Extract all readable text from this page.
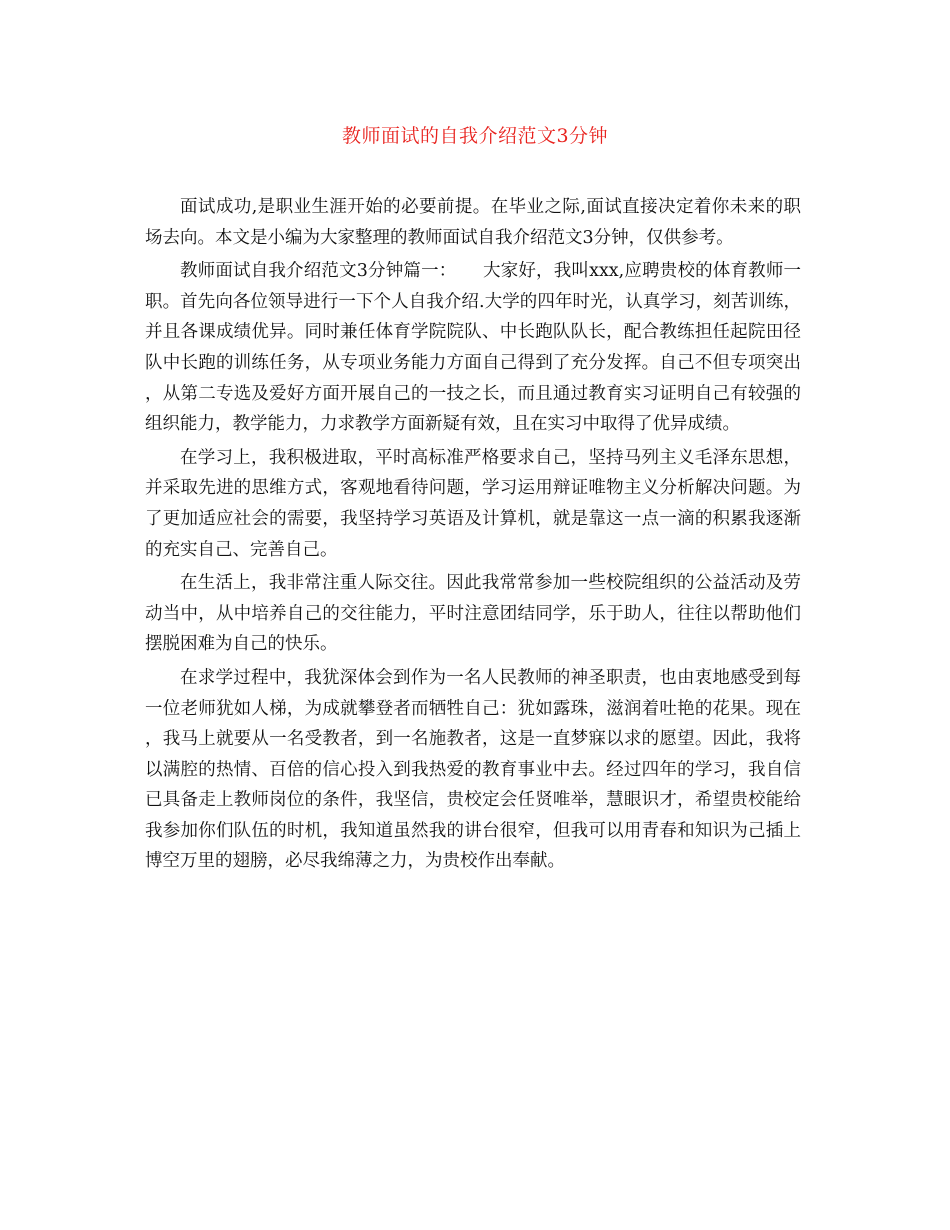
教师面试的自我介绍范文3分钟

面试成功,是职业生涯开始的必要前提。在毕业之际,面试直接决定着你未来的职场去向。本文是小编为大家整理的教师面试自我介绍范文3分钟，仅供参考。

教师面试自我介绍范文3分钟篇一：　　大家好，我叫xxx,应聘贵校的体育教师一职。首先向各位领导进行一下个人自我介绍.大学的四年时光，认真学习，刻苦训练，并且各课成绩优异。同时兼任体育学院院队、中长跑队队长，配合教练担任起院田径队中长跑的训练任务，从专项业务能力方面自己得到了充分发挥。自己不但专项突出，从第二专选及爱好方面开展自己的一技之长，而且通过教育实习证明自己有较强的组织能力，教学能力，力求教学方面新疑有效，且在实习中取得了优异成绩。

在学习上，我积极进取，平时高标准严格要求自己，坚持马列主义毛泽东思想，并采取先进的思维方式，客观地看待问题，学习运用辩证唯物主义分析解决问题。为了更加适应社会的需要，我坚持学习英语及计算机，就是靠这一点一滴的积累我逐渐的充实自己、完善自己。

在生活上，我非常注重人际交往。因此我常常参加一些校院组织的公益活动及劳动当中，从中培养自己的交往能力，平时注意团结同学，乐于助人，往往以帮助他们摆脱困难为自己的快乐。

在求学过程中，我犹深体会到作为一名人民教师的神圣职责，也由衷地感受到每一位老师犹如人梯，为成就攀登者而牺牲自己：犹如露珠，滋润着吐艳的花果。现在，我马上就要从一名受教者，到一名施教者，这是一直梦寐以求的愿望。因此，我将以满腔的热情、百倍的信心投入到我热爱的教育事业中去。经过四年的学习，我自信已具备走上教师岗位的条件，我坚信，贵校定会任贤唯举，慧眼识才，希望贵校能给我参加你们队伍的时机，我知道虽然我的讲台很窄，但我可以用青春和知识为己插上博空万里的翅膀，必尽我绵薄之力，为贵校作出奉献。
